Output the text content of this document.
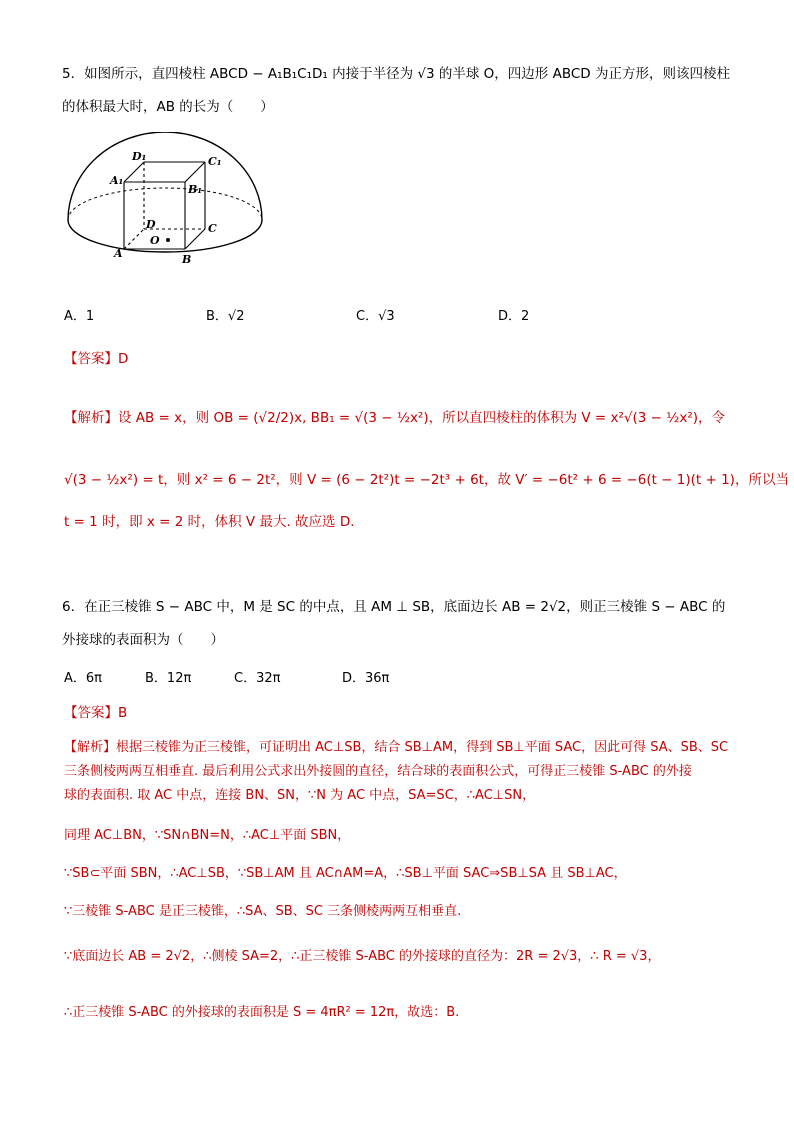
5．如图所示，直四棱柱 ABCD − A₁B₁C₁D₁ 内接于半径为 √3 的半球 O，四边形 ABCD 为正方形，则该四棱柱
的体积最大时，AB 的长为（　　）
D₁	C₁
A₁
B₁
D	C
O
A	B
A．1	B．√2	C．√3	D．2
【答案】D
【解析】设 AB = x，则 OB = (√2/2)x, BB₁ = √(3 − ½x²)，所以直四棱柱的体积为 V = x²√(3 − ½x²)，令
√(3 − ½x²) = t，则 x² = 6 − 2t²，则 V = (6 − 2t²)t = −2t³ + 6t，故 V′ = −6t² + 6 = −6(t − 1)(t + 1)，所以当
t = 1 时，即 x = 2 时，体积 V 最大. 故应选 D.
6．在正三棱锥 S − ABC 中，M 是 SC 的中点，且 AM ⊥ SB，底面边长 AB = 2√2，则正三棱锥 S − ABC 的
外接球的表面积为（　　）
A．6π	B．12π	C．32π	D．36π
【答案】B
【解析】根据三棱锥为正三棱锥，可证明出 AC⊥SB，结合 SB⊥AM，得到 SB⊥平面 SAC，因此可得 SA、SB、SC
三条侧棱两两互相垂直. 最后利用公式求出外接圆的直径，结合球的表面积公式，可得正三棱锥 S-ABC 的外接
球的表面积. 取 AC 中点，连接 BN、SN，∵N 为 AC 中点，SA=SC，∴AC⊥SN，
同理 AC⊥BN，∵SN∩BN=N，∴AC⊥平面 SBN，
∵SB⊂平面 SBN，∴AC⊥SB，∵SB⊥AM 且 AC∩AM=A，∴SB⊥平面 SAC⇒SB⊥SA 且 SB⊥AC，
∵三棱锥 S-ABC 是正三棱锥，∴SA、SB、SC 三条侧棱两两互相垂直.
∵底面边长 AB = 2√2，∴侧棱 SA=2，∴正三棱锥 S-ABC 的外接球的直径为：2R = 2√3，∴ R = √3，
∴正三棱锥 S-ABC 的外接球的表面积是 S = 4πR² = 12π，故选：B.
